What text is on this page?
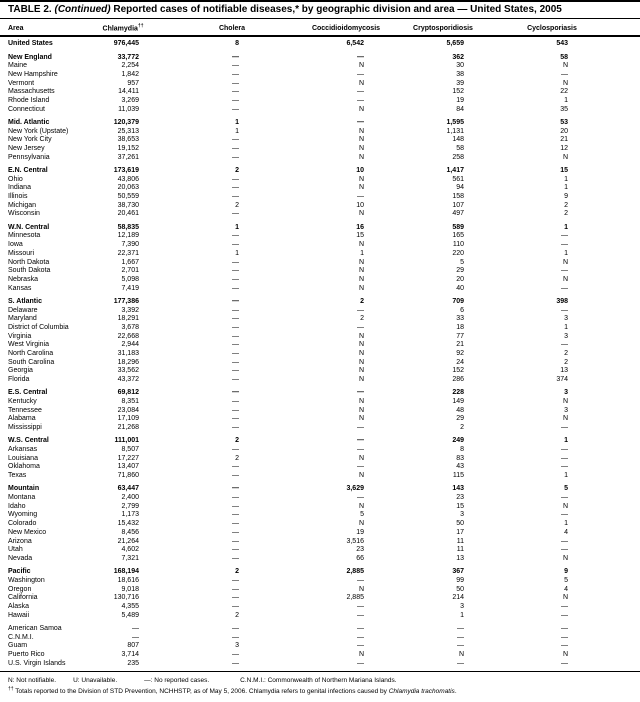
TABLE 2. (Continued) Reported cases of notifiable diseases,* by geographic division and area — United States, 2005
Area	Chlamydia††	Cholera	Coccidioidomycosis	Cryptosporidiosis	Cyclosporiasis	
United States	976,445	8	6,542	5,659	543	

New England	33,772	—	—	362	58	
Maine	2,254	—	N	30	N	
New Hampshire	1,842	—	—	38	—	
Vermont	957	—	N	39	N	
Massachusetts	14,411	—	—	152	22	
Rhode Island	3,269	—	—	19	1	
Connecticut	11,039	—	N	84	35	

Mid. Atlantic	120,379	1	—	1,595	53	
New York (Upstate)	25,313	1	N	1,131	20	
New York City	38,653	—	N	148	21	
New Jersey	19,152	—	N	58	12	
Pennsylvania	37,261	—	N	258	N	

E.N. Central	173,619	2	10	1,417	15	
Ohio	43,806	—	N	561	1	
Indiana	20,063	—	N	94	1	
Illinois	50,559	—	—	158	9	
Michigan	38,730	2	10	107	2	
Wisconsin	20,461	—	N	497	2	

W.N. Central	58,835	1	16	589	1	
Minnesota	12,189	—	15	165	—	
Iowa	7,390	—	N	110	—	
Missouri	22,371	1	1	220	1	
North Dakota	1,667	—	N	5	N	
South Dakota	2,701	—	N	29	—	
Nebraska	5,098	—	N	20	N	
Kansas	7,419	—	N	40	—	

S. Atlantic	177,386	—	2	709	398	
Delaware	3,392	—	—	6	—	
Maryland	18,291	—	2	33	3	
District of Columbia	3,678	—	—	18	1	
Virginia	22,668	—	N	77	3	
West Virginia	2,944	—	N	21	—	
North Carolina	31,183	—	N	92	2	
South Carolina	18,296	—	N	24	2	
Georgia	33,562	—	N	152	13	
Florida	43,372	—	N	286	374	

E.S. Central	69,812	—	—	228	3	
Kentucky	8,351	—	N	149	N	
Tennessee	23,084	—	N	48	3	
Alabama	17,109	—	N	29	N	
Mississippi	21,268	—	—	2	—	

W.S. Central	111,001	2	—	249	1	
Arkansas	8,507	—	—	8	—	
Louisiana	17,227	2	N	83	—	
Oklahoma	13,407	—	—	43	—	
Texas	71,860	—	N	115	1	

Mountain	63,447	—	3,629	143	5	
Montana	2,400	—	—	23	—	
Idaho	2,799	—	N	15	N	
Wyoming	1,173	—	5	3	—	
Colorado	15,432	—	N	50	1	
New Mexico	8,456	—	19	17	4	
Arizona	21,264	—	3,516	11	—	
Utah	4,602	—	23	11	—	
Nevada	7,321	—	66	13	N	

Pacific	168,194	2	2,885	367	9	
Washington	18,616	—	—	99	5	
Oregon	9,018	—	N	50	4	
California	130,716	—	2,885	214	N	
Alaska	4,355	—	—	3	—	
Hawaii	5,489	2	—	1	—	

American Samoa	—	—	—	—	—	
C.N.M.I.	—	—	—	—	—	
Guam	807	3	—	—	—	
Puerto Rico	3,714	—	N	N	N	
U.S. Virgin Islands	235	—	—	—	—	
N: Not notifiable.	U: Unavailable.	—: No reported cases.	C.N.M.I.: Commonwealth of Northern Mariana Islands.
†† Totals reported to the Division of STD Prevention, NCHHSTP, as of May 5, 2006. Chlamydia refers to genital infections caused by Chlamydia trachomatis.
